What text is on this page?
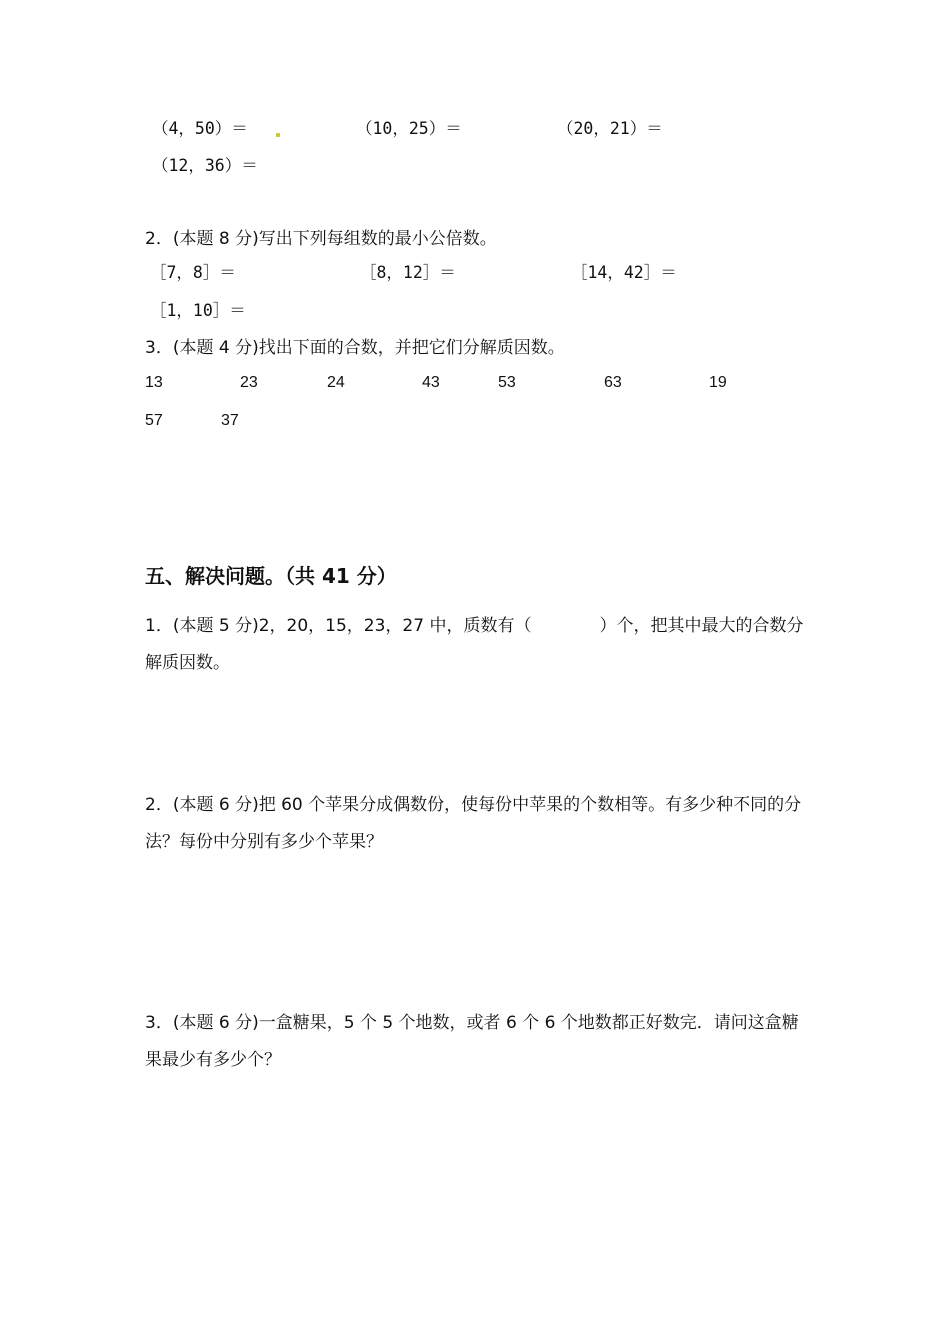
（4，50）＝	（10，25）＝	（20，21）＝
（12，36）＝
2．(本题 8 分)写出下列每组数的最小公倍数。
［7，8］＝	［8，12］＝	［14，42］＝
［1，10］＝
3．(本题 4 分)找出下面的合数，并把它们分解质因数。
13	23	24	43	53	63	19
57	37
五、解决问题。（共 41 分）
1．(本题 5 分)2，20，15，23，27 中，质数有（　　　　）个，把其中最大的合数分解质因数。
2．(本题 6 分)把 60 个苹果分成偶数份，使每份中苹果的个数相等。有多少种不同的分法？每份中分别有多少个苹果？
3．(本题 6 分)一盒糖果，5 个 5 个地数，或者 6 个 6 个地数都正好数完．请问这盒糖果最少有多少个？
